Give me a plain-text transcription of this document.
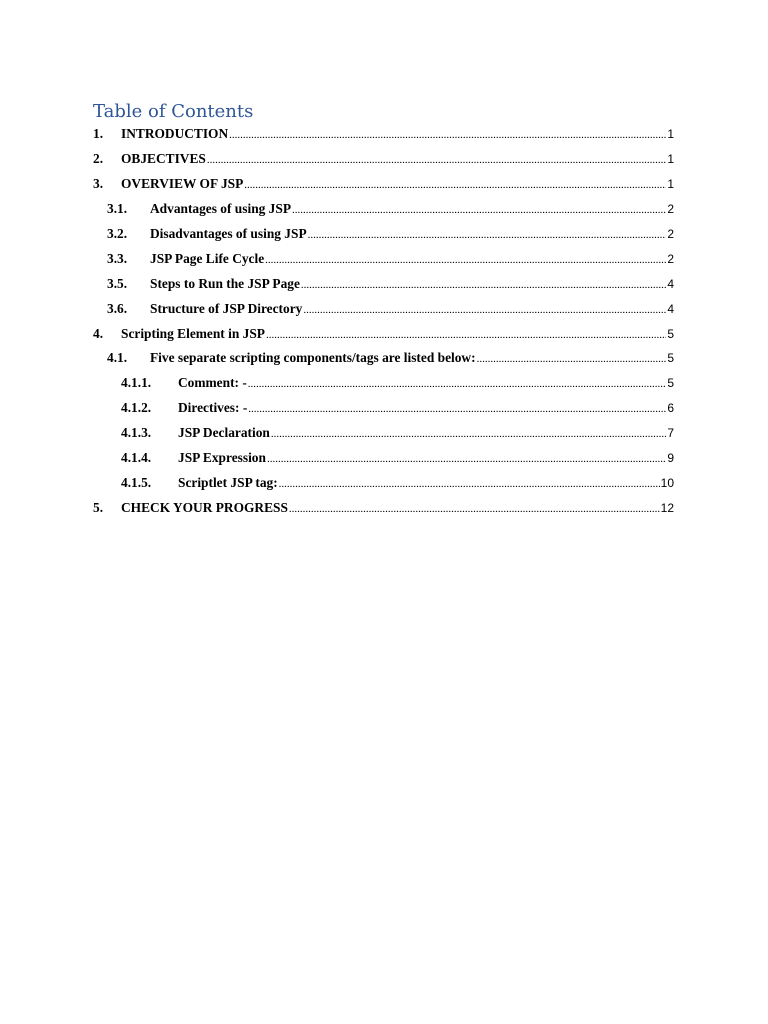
Table of Contents
1.	INTRODUCTION .....	1
2.	OBJECTIVES .....	1
3.	OVERVIEW OF JSP .....	1
3.1.	Advantages of using JSP .....	2
3.2.	Disadvantages of using JSP .....	2
3.3.	JSP Page Life Cycle .....	2
3.5.	Steps to Run the JSP Page .....	4
3.6.	Structure of JSP Directory .....	4
4.	Scripting Element in JSP .....	5
4.1.	Five separate scripting components/tags are listed below: .....	5
4.1.1.	Comment: - .....	5
4.1.2.	Directives: - .....	6
4.1.3.	JSP Declaration .....	7
4.1.4.	JSP Expression .....	9
4.1.5.	Scriptlet JSP tag: .....	10
5.	CHECK YOUR PROGRESS .....	12
